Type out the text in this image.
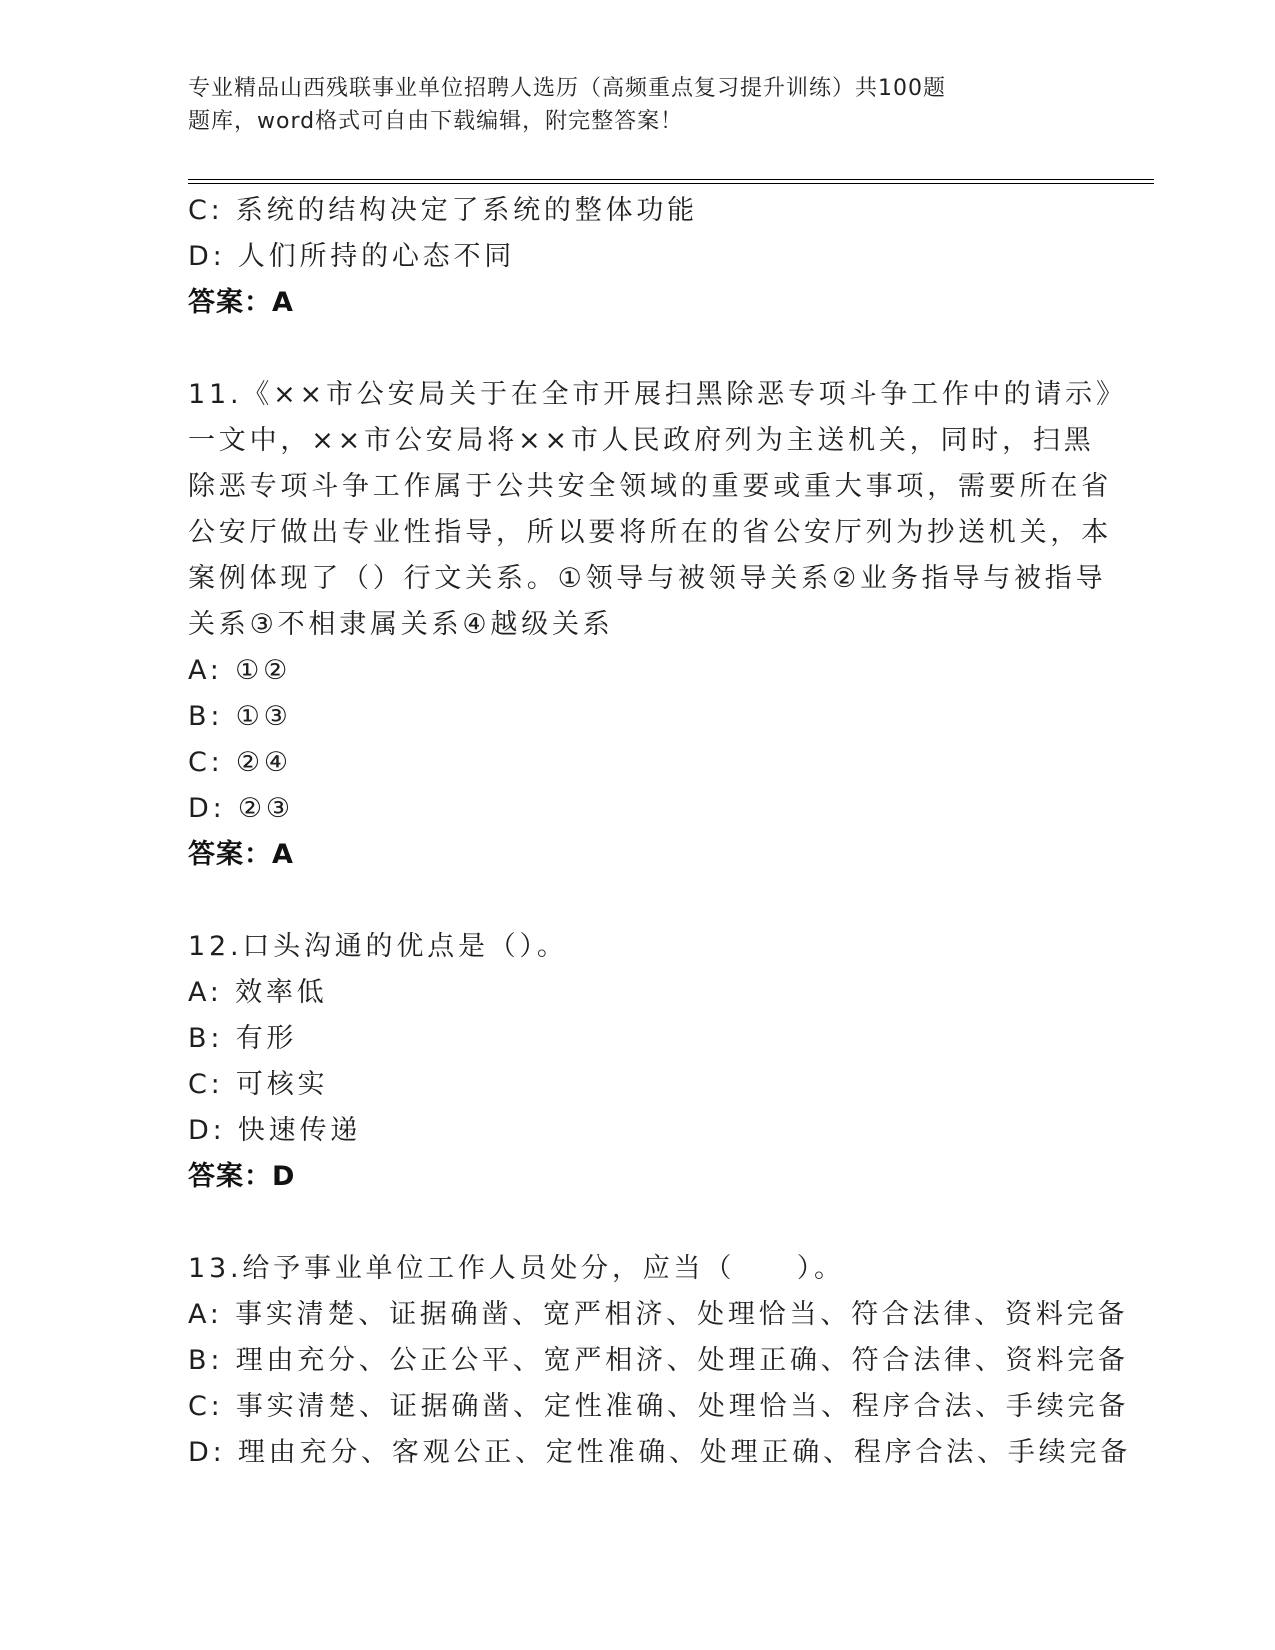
专业精品山西残联事业单位招聘人选历（高频重点复习提升训练）共100题
题库，word格式可自由下载编辑，附完整答案！
C: 系统的结构决定了系统的整体功能
D: 人们所持的心态不同
答案：A
11.《××市公安局关于在全市开展扫黑除恶专项斗争工作中的请示》
一文中，××市公安局将××市人民政府列为主送机关，同时，扫黑
除恶专项斗争工作属于公共安全领域的重要或重大事项，需要所在省
公安厅做出专业性指导，所以要将所在的省公安厅列为抄送机关，本
案例体现了（）行文关系。①领导与被领导关系②业务指导与被指导
关系③不相隶属关系④越级关系
A: ①②
B: ①③
C: ②④
D: ②③
答案：A
12.口头沟通的优点是（）。
A: 效率低
B: 有形
C: 可核实
D: 快速传递
答案：D
13.给予事业单位工作人员处分，应当（　　）。
A: 事实清楚、证据确凿、宽严相济、处理恰当、符合法律、资料完备
B: 理由充分、公正公平、宽严相济、处理正确、符合法律、资料完备
C: 事实清楚、证据确凿、定性准确、处理恰当、程序合法、手续完备
D: 理由充分、客观公正、定性准确、处理正确、程序合法、手续完备
